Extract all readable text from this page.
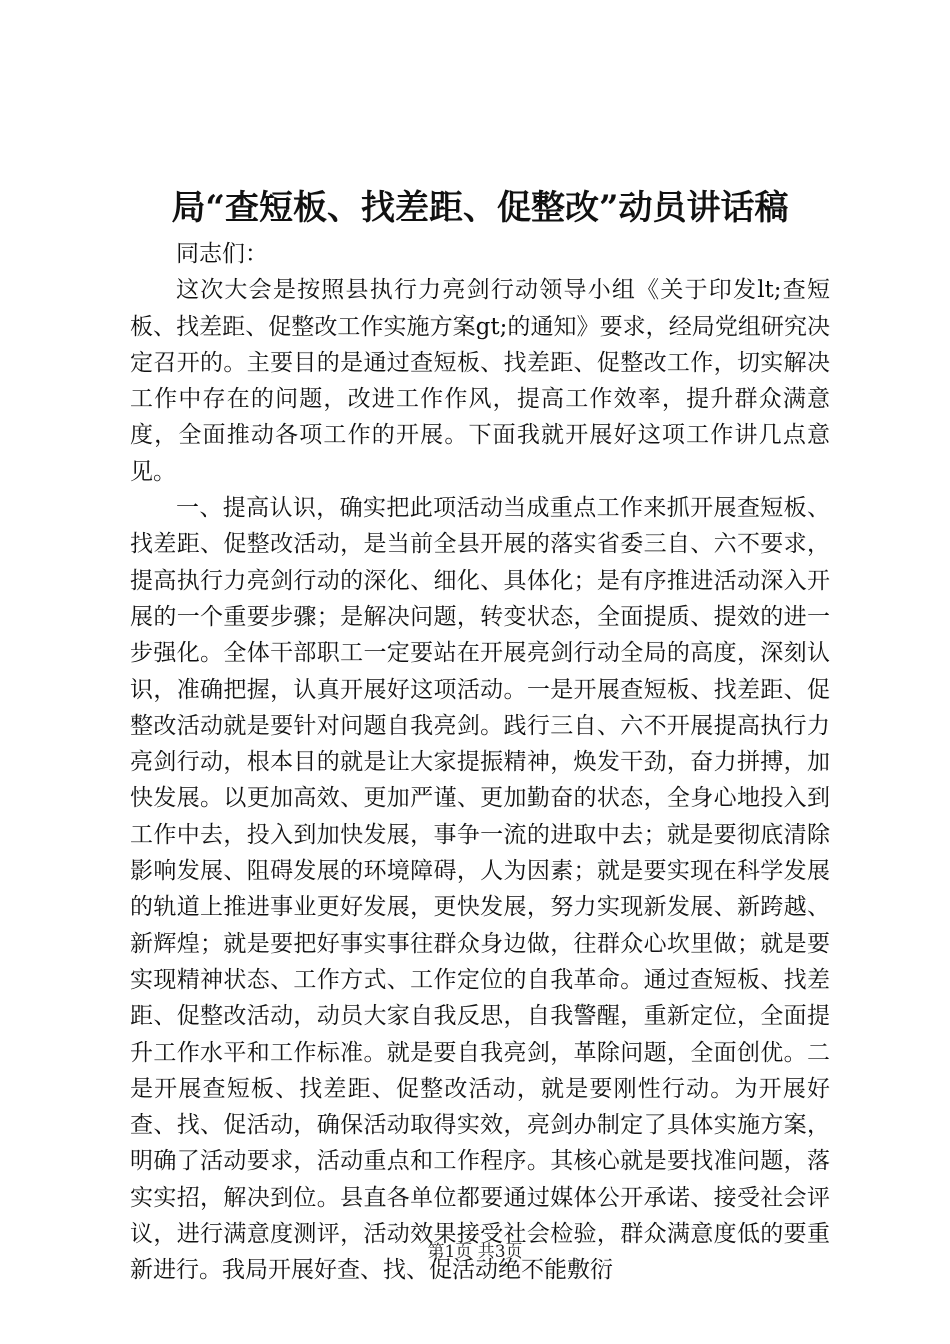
局“查短板、找差距、促整改”动员讲话稿

同志们：

这次大会是按照县执行力亮剑行动领导小组《关于印发lt;查短板、找差距、促整改工作实施方案gt;的通知》要求，经局党组研究决定召开的。主要目的是通过查短板、找差距、促整改工作，切实解决工作中存在的问题，改进工作作风，提高工作效率，提升群众满意度，全面推动各项工作的开展。下面我就开展好这项工作讲几点意见。

一、提高认识，确实把此项活动当成重点工作来抓开展查短板、找差距、促整改活动，是当前全县开展的落实省委三自、六不要求，提高执行力亮剑行动的深化、细化、具体化；是有序推进活动深入开展的一个重要步骤；是解决问题，转变状态，全面提质、提效的进一步强化。全体干部职工一定要站在开展亮剑行动全局的高度，深刻认识，准确把握，认真开展好这项活动。一是开展查短板、找差距、促整改活动就是要针对问题自我亮剑。践行三自、六不开展提高执行力亮剑行动，根本目的就是让大家提振精神，焕发干劲，奋力拼搏，加快发展。以更加高效、更加严谨、更加勤奋的状态，全身心地投入到工作中去，投入到加快发展，事争一流的进取中去；就是要彻底清除影响发展、阻碍发展的环境障碍，人为因素；就是要实现在科学发展的轨道上推进事业更好发展，更快发展，努力实现新发展、新跨越、新辉煌；就是要把好事实事往群众身边做，往群众心坎里做；就是要实现精神状态、工作方式、工作定位的自我革命。通过查短板、找差距、促整改活动，动员大家自我反思，自我警醒，重新定位，全面提升工作水平和工作标准。就是要自我亮剑，革除问题，全面创优。二是开展查短板、找差距、促整改活动，就是要刚性行动。为开展好查、找、促活动，确保活动取得实效，亮剑办制定了具体实施方案，明确了活动要求，活动重点和工作程序。其核心就是要找准问题，落实实招，解决到位。县直各单位都要通过媒体公开承诺、接受社会评议，进行满意度测评，活动效果接受社会检验，群众满意度低的要重新进行。我局开展好查、找、促活动绝不能敷衍

第1页 共3页
